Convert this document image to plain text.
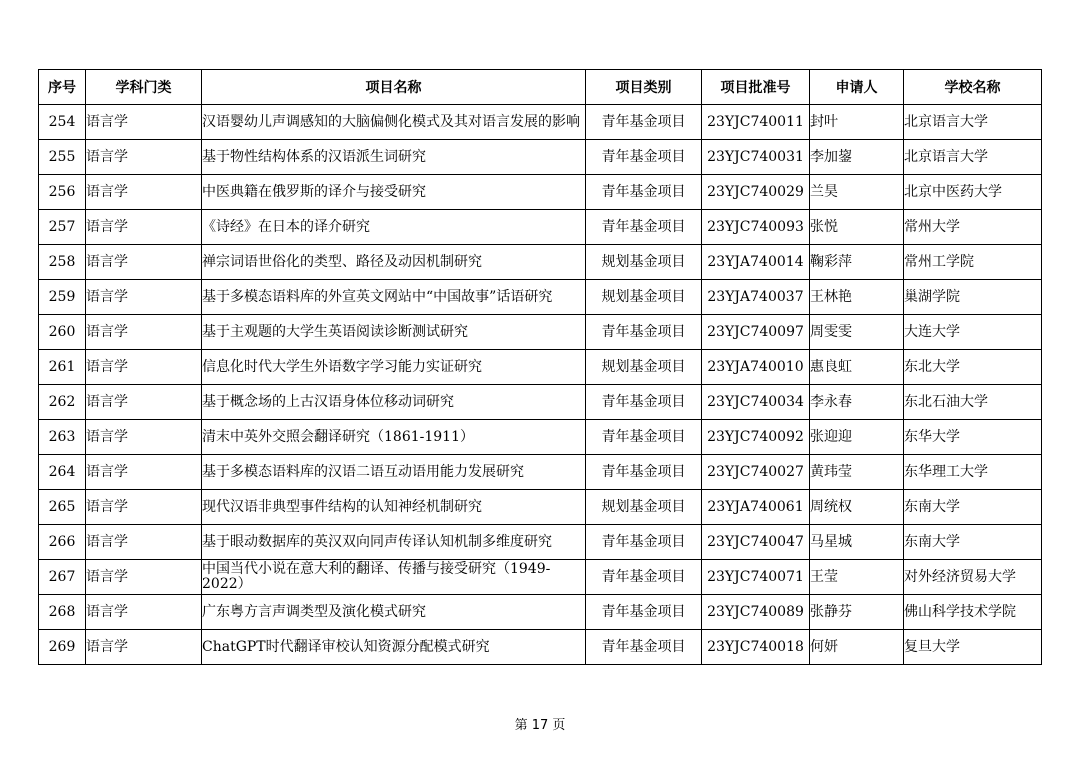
序号	学科门类	项目名称	项目类别	项目批准号	申请人	学校名称
254	语言学	汉语婴幼儿声调感知的大脑偏侧化模式及其对语言发展的影响	青年基金项目	23YJC740011	封叶	北京语言大学
255	语言学	基于物性结构体系的汉语派生词研究	青年基金项目	23YJC740031	李加鋆	北京语言大学
256	语言学	中医典籍在俄罗斯的译介与接受研究	青年基金项目	23YJC740029	兰昊	北京中医药大学
257	语言学	《诗经》在日本的译介研究	青年基金项目	23YJC740093	张悦	常州大学
258	语言学	禅宗词语世俗化的类型、路径及动因机制研究	规划基金项目	23YJA740014	鞠彩萍	常州工学院
259	语言学	基于多模态语料库的外宣英文网站中“中国故事”话语研究	规划基金项目	23YJA740037	王林艳	巢湖学院
260	语言学	基于主观题的大学生英语阅读诊断测试研究	青年基金项目	23YJC740097	周雯雯	大连大学
261	语言学	信息化时代大学生外语数字学习能力实证研究	规划基金项目	23YJA740010	惠良虹	东北大学
262	语言学	基于概念场的上古汉语身体位移动词研究	青年基金项目	23YJC740034	李永春	东北石油大学
263	语言学	清末中英外交照会翻译研究（1861-1911）	青年基金项目	23YJC740092	张迎迎	东华大学
264	语言学	基于多模态语料库的汉语二语互动语用能力发展研究	青年基金项目	23YJC740027	黄玮莹	东华理工大学
265	语言学	现代汉语非典型事件结构的认知神经机制研究	规划基金项目	23YJA740061	周统权	东南大学
266	语言学	基于眼动数据库的英汉双向同声传译认知机制多维度研究	青年基金项目	23YJC740047	马星城	东南大学
267	语言学	中国当代小说在意大利的翻译、传播与接受研究（1949-2022）	青年基金项目	23YJC740071	王莹	对外经济贸易大学
268	语言学	广东粤方言声调类型及演化模式研究	青年基金项目	23YJC740089	张静芬	佛山科学技术学院
269	语言学	ChatGPT时代翻译审校认知资源分配模式研究	青年基金项目	23YJC740018	何妍	复旦大学
第 17 页
